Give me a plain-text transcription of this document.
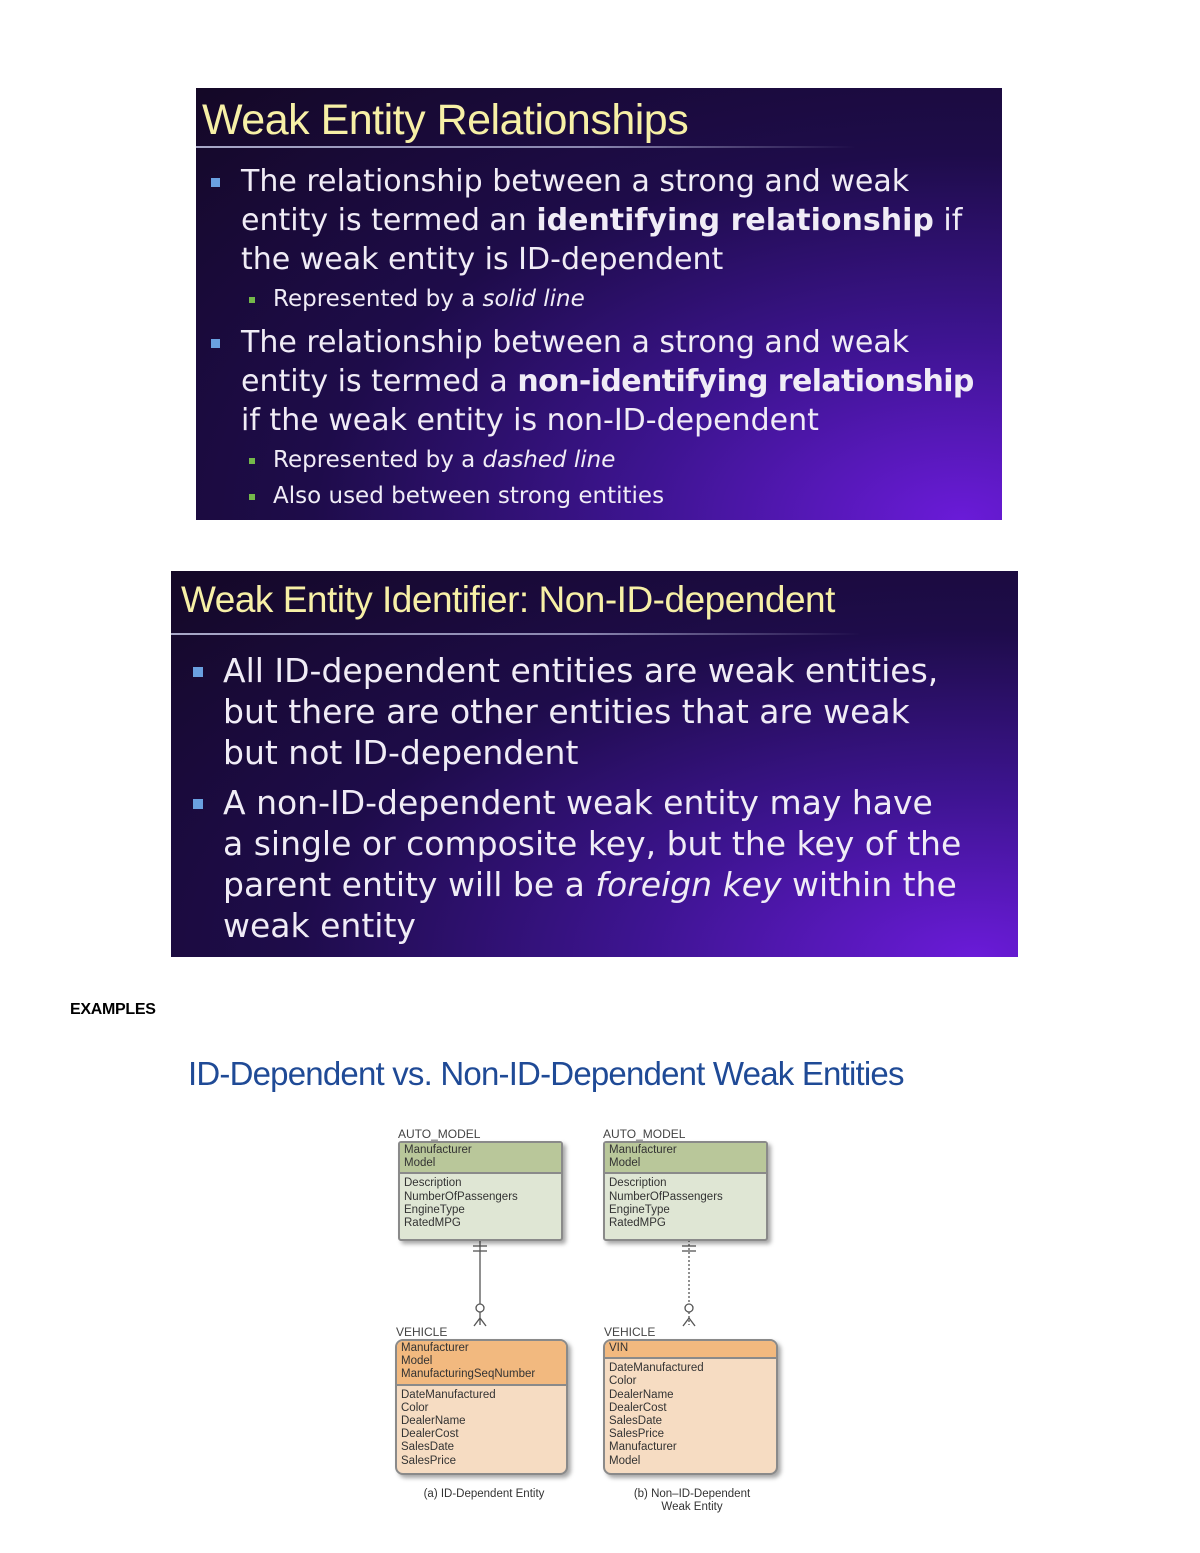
Weak Entity Relationships
The relationship between a strong and weak
entity is termed an identifying relationship if
the weak entity is ID-dependent
Represented by a solid line
The relationship between a strong and weak
entity is termed a non-identifying relationship
if the weak entity is non-ID-dependent
Represented by a dashed line
Also used between strong entities
Weak Entity Identifier: Non-ID-dependent
All ID-dependent entities are weak entities,
but there are other entities that are weak
but not ID-dependent
A non-ID-dependent weak entity may have
a single or composite key, but the key of the
parent entity will be a foreign key within the
weak entity
EXAMPLES
ID-Dependent vs. Non-ID-Dependent Weak Entities
AUTO_MODEL
Manufacturer
Model
Description
NumberOfPassengers
EngineType
RatedMPG
AUTO_MODEL
Manufacturer
Model
Description
NumberOfPassengers
EngineType
RatedMPG
VEHICLE
Manufacturer
Model
ManufacturingSeqNumber
DateManufactured
Color
DealerName
DealerCost
SalesDate
SalesPrice
VEHICLE
VIN
DateManufactured
Color
DealerName
DealerCost
SalesDate
SalesPrice
Manufacturer
Model
(a) ID-Dependent Entity	(b) Non–ID-Dependent
Weak Entity
